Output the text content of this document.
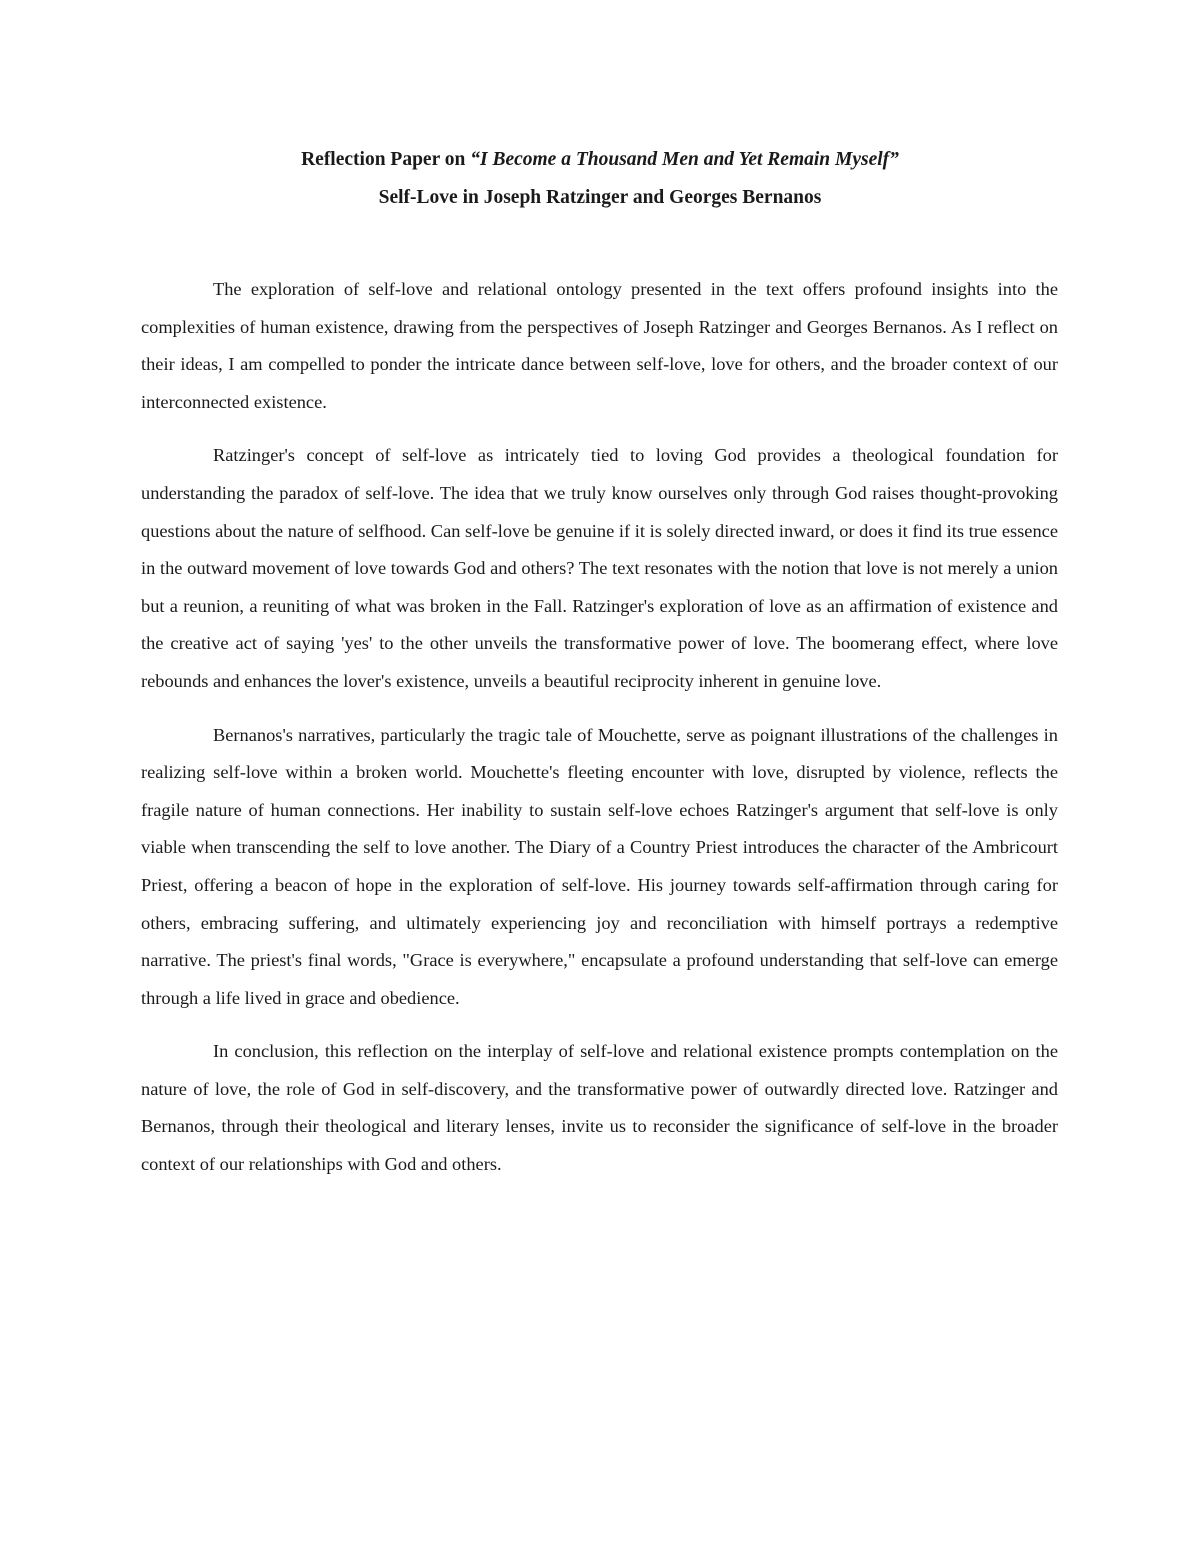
Reflection Paper on “I Become a Thousand Men and Yet Remain Myself”
Self-Love in Joseph Ratzinger and Georges Bernanos

The exploration of self-love and relational ontology presented in the text offers profound insights into the complexities of human existence, drawing from the perspectives of Joseph Ratzinger and Georges Bernanos. As I reflect on their ideas, I am compelled to ponder the intricate dance between self-love, love for others, and the broader context of our interconnected existence.

Ratzinger's concept of self-love as intricately tied to loving God provides a theological foundation for understanding the paradox of self-love. The idea that we truly know ourselves only through God raises thought-provoking questions about the nature of selfhood. Can self-love be genuine if it is solely directed inward, or does it find its true essence in the outward movement of love towards God and others? The text resonates with the notion that love is not merely a union but a reunion, a reuniting of what was broken in the Fall. Ratzinger's exploration of love as an affirmation of existence and the creative act of saying 'yes' to the other unveils the transformative power of love. The boomerang effect, where love rebounds and enhances the lover's existence, unveils a beautiful reciprocity inherent in genuine love.

Bernanos's narratives, particularly the tragic tale of Mouchette, serve as poignant illustrations of the challenges in realizing self-love within a broken world. Mouchette's fleeting encounter with love, disrupted by violence, reflects the fragile nature of human connections. Her inability to sustain self-love echoes Ratzinger's argument that self-love is only viable when transcending the self to love another. The Diary of a Country Priest introduces the character of the Ambricourt Priest, offering a beacon of hope in the exploration of self-love. His journey towards self-affirmation through caring for others, embracing suffering, and ultimately experiencing joy and reconciliation with himself portrays a redemptive narrative. The priest's final words, "Grace is everywhere," encapsulate a profound understanding that self-love can emerge through a life lived in grace and obedience.

In conclusion, this reflection on the interplay of self-love and relational existence prompts contemplation on the nature of love, the role of God in self-discovery, and the transformative power of outwardly directed love. Ratzinger and Bernanos, through their theological and literary lenses, invite us to reconsider the significance of self-love in the broader context of our relationships with God and others.
